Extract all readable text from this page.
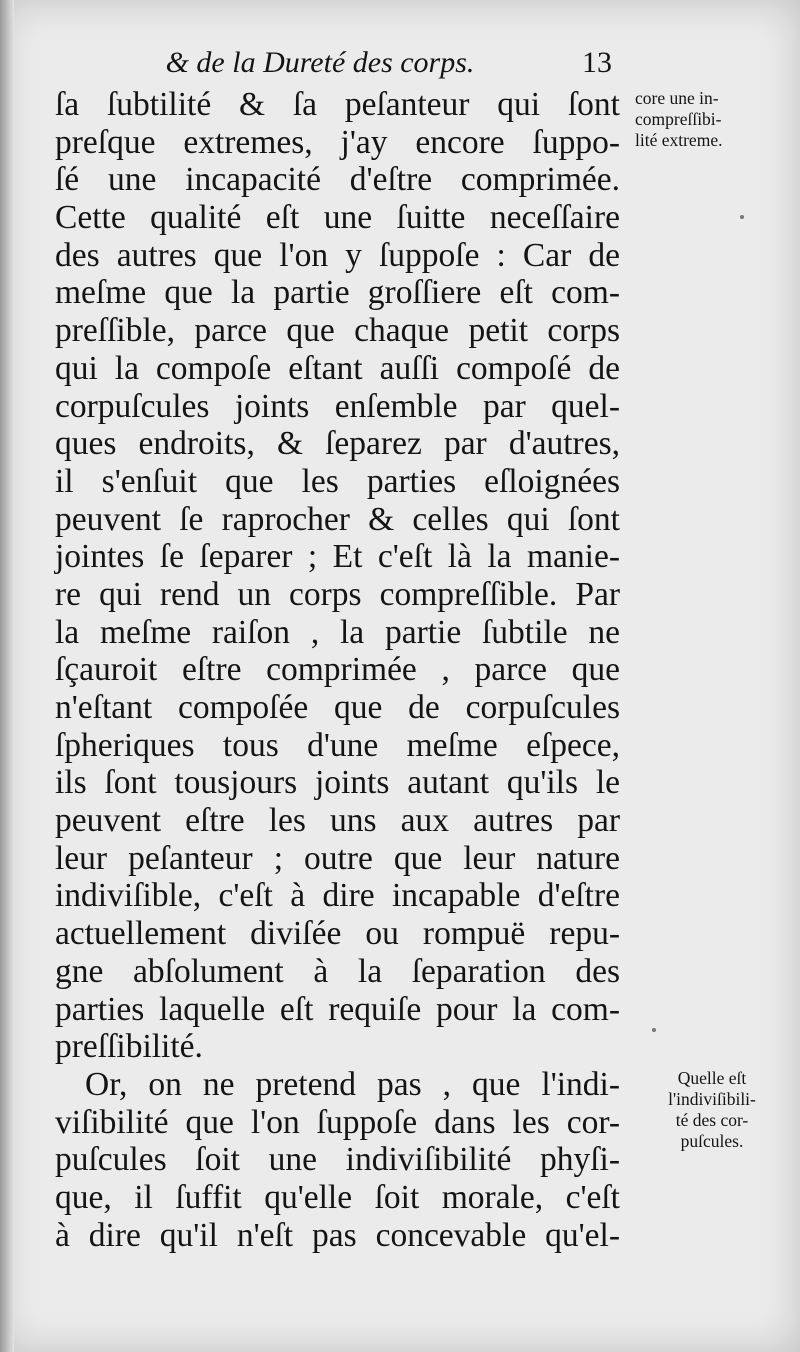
& de la Dureté des corps.	13
ſa ſubtilité & ſa peſanteur qui ſont
preſque extremes, j'ay encore ſuppo-
ſé une incapacité d'eſtre comprimée.
Cette qualité eſt une ſuitte neceſſaire
des autres que l'on y ſuppoſe : Car de
meſme que la partie groſſiere eſt com-
preſſible, parce que chaque petit corps
qui la compoſe eſtant auſſi compoſé de
corpuſcules joints enſemble par quel-
ques endroits, & ſeparez par d'autres,
il s'enſuit que les parties eſloignées
peuvent ſe raprocher & celles qui ſont
jointes ſe ſeparer ; Et c'eſt là la manie-
re qui rend un corps compreſſible. Par
la meſme raiſon , la partie ſubtile ne
ſçauroit eſtre comprimée , parce que
n'eſtant compoſée que de corpuſcules
ſpheriques tous d'une meſme eſpece,
ils ſont tousjours joints autant qu'ils le
peuvent eſtre les uns aux autres par
leur peſanteur ; outre que leur nature
indiviſible, c'eſt à dire incapable d'eſtre
actuellement diviſée ou rompuë repu-
gne abſolument à la ſeparation des
parties laquelle eſt requiſe pour la com-
preſſibilité.
Or, on ne pretend pas , que l'indi-
viſibilité que l'on ſuppoſe dans les cor-
puſcules ſoit une indiviſibilité phyſi-
que, il ſuffit qu'elle ſoit morale, c'eſt
à dire qu'il n'eſt pas concevable qu'el-
core une in-
compreſſibi-
lité extreme.
Quelle eſt
l'indiviſibili-
té des cor-
puſcules.
